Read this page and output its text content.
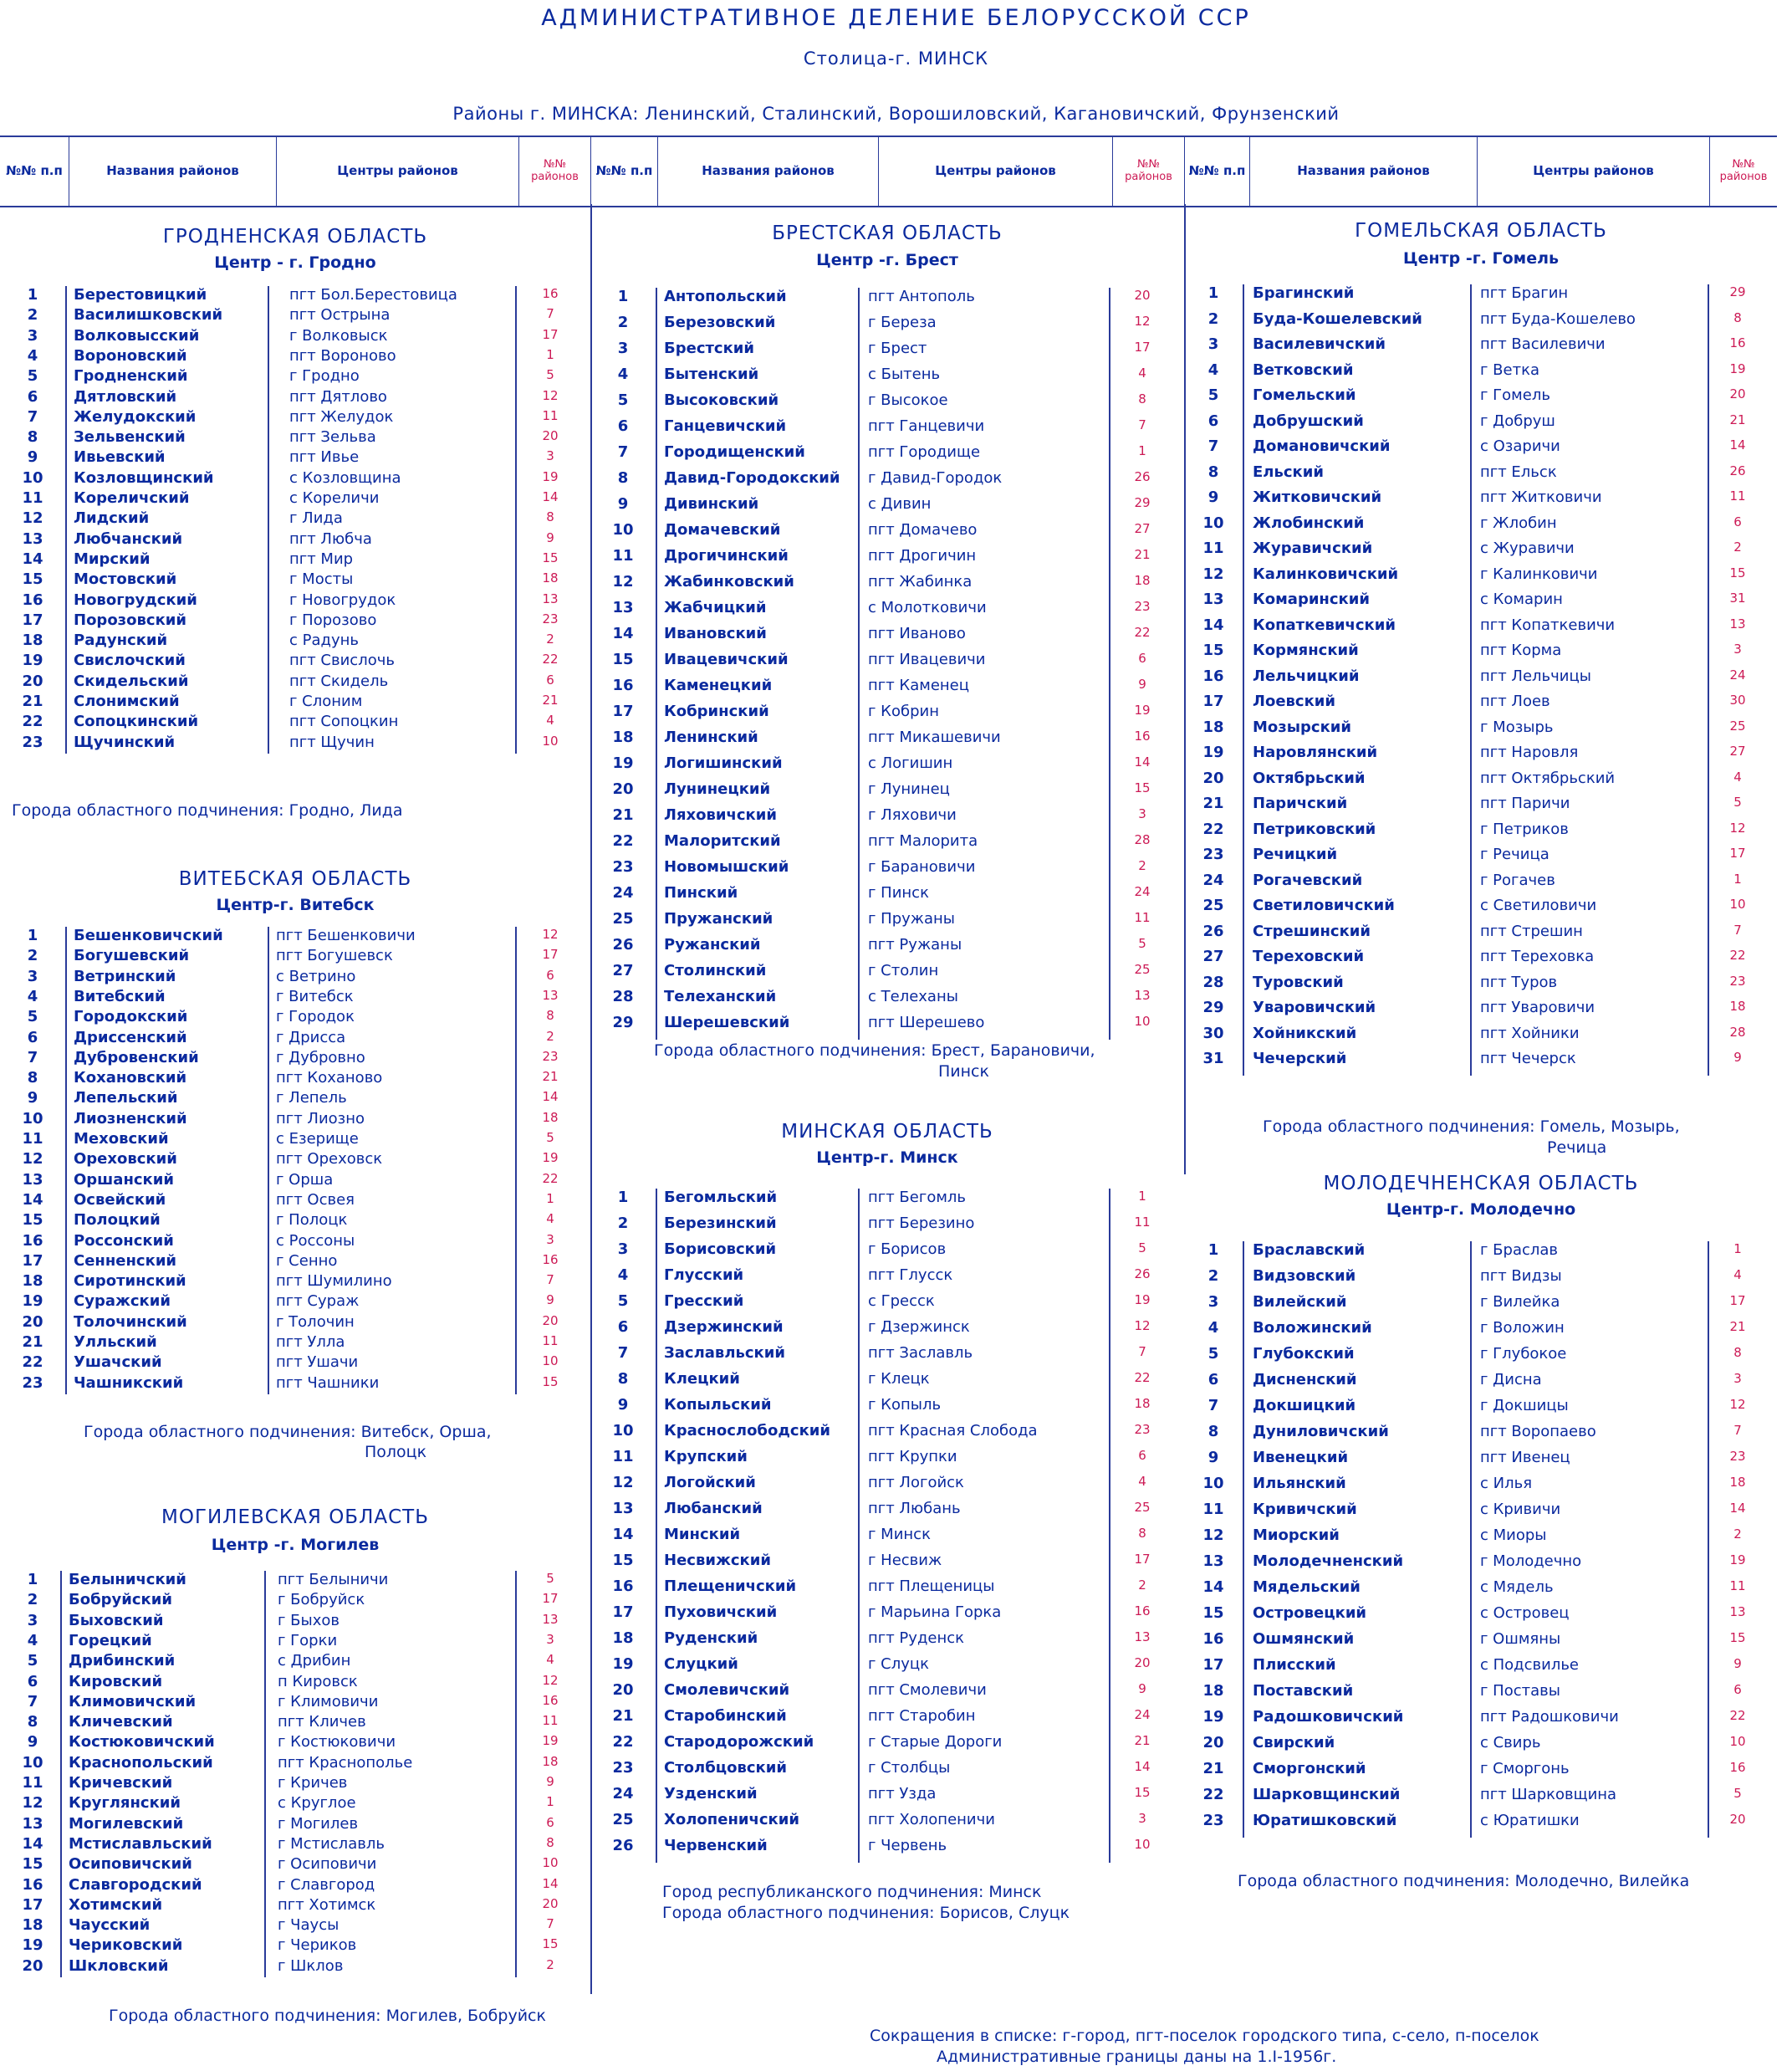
АДМИНИСТРАТИВНОЕ ДЕЛЕНИЕ БЕЛОРУССКОЙ ССР
Столица-г. МИНСК
Районы г. МИНСКА: Ленинский, Сталинский, Ворошиловский, Кагановичский, Фрунзенский
№№ п.п	Названия районов	Центры районов	№№ районов	№№ п.п	Названия районов	Центры районов	№№ районов	№№ п.п	Названия районов	Центры районов	№№ районов
ГРОДНЕНСКАЯ ОБЛАСТЬ
Центр - г. Гродно
1	Берестовицкий	пгт Бол.Берестовица	16
2	Василишковский	пгт Острына	7
3	Волковысский	г Волковыск	17
4	Вороновский	пгт Вороново	1
5	Гродненский	г Гродно	5
6	Дятловский	пгт Дятлово	12
7	Желудокский	пгт Желудок	11
8	Зельвенский	пгт Зельва	20
9	Ивьевский	пгт Ивье	3
10	Козловщинский	с Козловщина	19
11	Кореличский	с Кореличи	14
12	Лидский	г Лида	8
13	Любчанский	пгт Любча	9
14	Мирский	пгт Мир	15
15	Мостовский	г Мосты	18
16	Новогрудский	г Новогрудок	13
17	Порозовский	г Порозово	23
18	Радунский	с Радунь	2
19	Свислочский	пгт Свислочь	22
20	Скидельский	пгт Скидель	6
21	Слонимский	г Слоним	21
22	Сопоцкинский	пгт Сопоцкин	4
23	Щучинский	пгт Щучин	10
Города областного подчинения: Гродно, Лида
ВИТЕБСКАЯ ОБЛАСТЬ
Центр-г. Витебск
1	Бешенковичский	пгт Бешенковичи	12
2	Богушевский	пгт Богушевск	17
3	Ветринский	с Ветрино	6
4	Витебский	г Витебск	13
5	Городокский	г Городок	8
6	Дриссенский	г Дрисса	2
7	Дубровенский	г Дубровно	23
8	Кохановский	пгт Коханово	21
9	Лепельский	г Лепель	14
10	Лиозненский	пгт Лиозно	18
11	Меховский	с Езерище	5
12	Ореховский	пгт Ореховск	19
13	Оршанский	г Орша	22
14	Освейский	пгт Освея	1
15	Полоцкий	г Полоцк	4
16	Россонский	с Россоны	3
17	Сенненский	г Сенно	16
18	Сиротинский	пгт Шумилино	7
19	Суражский	пгт Сураж	9
20	Толочинский	г Толочин	20
21	Улльский	пгт Улла	11
22	Ушачский	пгт Ушачи	10
23	Чашникский	пгт Чашники	15
Города областного подчинения: Витебск, Орша,
Полоцк
МОГИЛЕВСКАЯ ОБЛАСТЬ
Центр -г. Могилев
1	Белыничский	пгт Белыничи	5
2	Бобруйский	г Бобруйск	17
3	Быховский	г Быхов	13
4	Горецкий	г Горки	3
5	Дрибинский	с Дрибин	4
6	Кировский	п Кировск	12
7	Климовичский	г Климовичи	16
8	Кличевский	пгт Кличев	11
9	Костюковичский	г Костюковичи	19
10	Краснопольский	пгт Краснополье	18
11	Кричевский	г Кричев	9
12	Круглянский	с Круглое	1
13	Могилевский	г Могилев	6
14	Мстиславльский	г Мстиславль	8
15	Осиповичский	г Осиповичи	10
16	Славгородский	г Славгород	14
17	Хотимский	пгт Хотимск	20
18	Чаусский	г Чаусы	7
19	Чериковский	г Чериков	15
20	Шкловский	г Шклов	2
Города областного подчинения: Могилев, Бобруйск
БРЕСТСКАЯ ОБЛАСТЬ
Центр -г. Брест
1	Антопольский	пгт Антополь	20
2	Березовский	г Береза	12
3	Брестский	г Брест	17
4	Бытенский	с Бытень	4
5	Высоковский	г Высокое	8
6	Ганцевичский	пгт Ганцевичи	7
7	Городищенский	пгт Городище	1
8	Давид-Городокский г Давид-Городок	26
9	Дивинский	с Дивин	29
10	Домачевский	пгт Домачево	27
11	Дрогичинский	пгт Дрогичин	21
12	Жабинковский	пгт Жабинка	18
13	Жабчицкий	с Молотковичи	23
14	Ивановский	пгт Иваново	22
15	Ивацевичский	пгт Ивацевичи	6
16	Каменецкий	пгт Каменец	9
17	Кобринский	г Кобрин	19
18	Ленинский	пгт Микашевичи	16
19	Логишинский	с Логишин	14
20	Лунинецкий	г Лунинец	15
21	Ляховичский	г Ляховичи	3
22	Малоритский	пгт Малорита	28
23	Новомышский	г Барановичи	2
24	Пинский	г Пинск	24
25	Пружанский	г Пружаны	11
26	Ружанский	пгт Ружаны	5
27	Столинский	г Столин	25
28	Телеханский	с Телеханы	13
29	Шерешевский	пгт Шерешево	10
Города областного подчинения: Брест, Барановичи,
Пинск
МИНСКАЯ ОБЛАСТЬ
Центр-г. Минск
1	Бегомльский	пгт Бегомль	1
2	Березинский	пгт Березино	11
3	Борисовский	г Борисов	5
4	Глусский	пгт Глусск	26
5	Гресский	с Гресск	19
6	Дзержинский	г Дзержинск	12
7	Заславльский	пгт Заславль	7
8	Клецкий	г Клецк	22
9	Копыльский	г Копыль	18
10	Краснослободский пгт Красная Слобода	23
11	Крупский	пгт Крупки	6
12	Логойский	пгт Логойск	4
13	Любанский	пгт Любань	25
14	Минский	г Минск	8
15	Несвижский	г Несвиж	17
16	Плещеничский	пгт Плещеницы	2
17	Пуховичский	г Марьина Горка	16
18	Руденский	пгт Руденск	13
19	Слуцкий	г Слуцк	20
20	Смолевичский	пгт Смолевичи	9
21	Старобинский	пгт Старобин	24
22	Стародорожский	г Старые Дороги	21
23	Столбцовский	г Столбцы	14
24	Узденский	пгт Узда	15
25	Холопеничский	пгт Холопеничи	3
26	Червенский	г Червень	10
Город республиканского подчинения: Минск
Города областного подчинения: Борисов, Слуцк
ГОМЕЛЬСКАЯ ОБЛАСТЬ
Центр -г. Гомель
1	Брагинский	пгт Брагин	29
2	Буда-Кошелевский	пгт Буда-Кошелево	8
3	Василевичский	пгт Василевичи	16
4	Ветковский	г Ветка	19
5	Гомельский	г Гомель	20
6	Добрушский	г Добруш	21
7	Домановичский	с Озаричи	14
8	Ельский	пгт Ельск	26
9	Житковичский	пгт Житковичи	11
10	Жлобинский	г Жлобин	6
11	Журавичский	с Журавичи	2
12	Калинковичский	г Калинковичи	15
13	Комаринский	с Комарин	31
14	Копаткевичский	пгт Копаткевичи	13
15	Кормянский	пгт Корма	3
16	Лельчицкий	пгт Лельчицы	24
17	Лоевский	пгт Лоев	30
18	Мозырский	г Мозырь	25
19	Наровлянский	пгт Наровля	27
20	Октябрьский	пгт Октябрьский	4
21	Паричский	пгт Паричи	5
22	Петриковский	г Петриков	12
23	Речицкий	г Речица	17
24	Рогачевский	г Рогачев	1
25	Светиловичский	с Светиловичи	10
26	Стрешинский	пгт Стрешин	7
27	Тереховский	пгт Тереховка	22
28	Туровский	пгт Туров	23
29	Уваровичский	пгт Уваровичи	18
30	Хойникский	пгт Хойники	28
31	Чечерский	пгт Чечерск	9
Города областного подчинения: Гомель, Мозырь,
Речица
МОЛОДЕЧНЕНСКАЯ ОБЛАСТЬ
Центр-г. Молодечно
1	Браславский	г Браслав	1
2	Видзовский	пгт Видзы	4
3	Вилейский	г Вилейка	17
4	Воложинский	г Воложин	21
5	Глубокский	г Глубокое	8
6	Дисненский	г Дисна	3
7	Докшицкий	г Докшицы	12
8	Дуниловичский	пгт Воропаево	7
9	Ивенецкий	пгт Ивенец	23
10	Ильянский	с Илья	18
11	Кривичский	с Кривичи	14
12	Миорский	с Миоры	2
13	Молодечненский	г Молодечно	19
14	Мядельский	с Мядель	11
15	Островецкий	с Островец	13
16	Ошмянский	г Ошмяны	15
17	Плисский	с Подсвилье	9
18	Поставский	г Поставы	6
19	Радошковичский	пгт Радошковичи	22
20	Свирский	с Свирь	10
21	Сморгонский	г Сморгонь	16
22	Шарковщинский	пгт Шарковщина	5
23	Юратишковский	с Юратишки	20
Города областного подчинения: Молодечно, Вилейка
Сокращения в списке: г-город, пгт-поселок городского типа, с-село, п-поселок
Административные границы даны на 1.I-1956г.
